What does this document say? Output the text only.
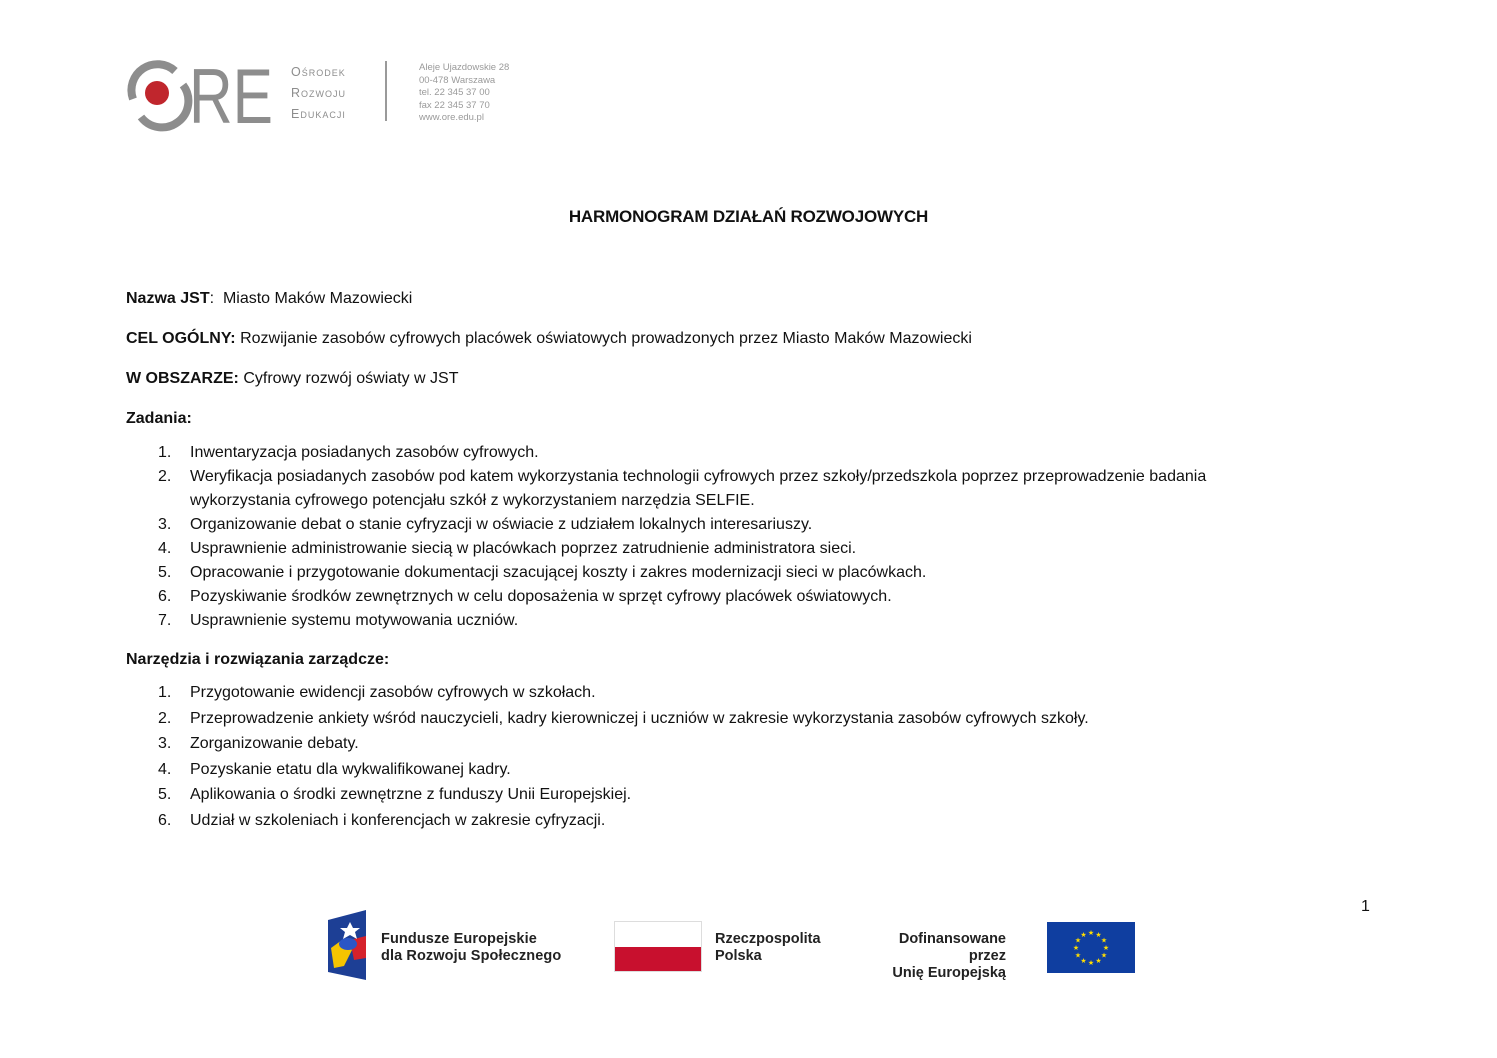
RE Ośrodek
Rozwoju
Edukacji
Aleje Ujazdowskie 28
00-478 Warszawa
tel. 22 345 37 00
fax 22 345 37 70
www.ore.edu.pl
HARMONOGRAM DZIAŁAŃ ROZWOJOWYCH
Nazwa JST: Miasto Maków Mazowiecki
CEL OGÓLNY: Rozwijanie zasobów cyfrowych placówek oświatowych prowadzonych przez Miasto Maków Mazowiecki
W OBSZARZE: Cyfrowy rozwój oświaty w JST
Zadania:
1. Inwentaryzacja posiadanych zasobów cyfrowych.
2. Weryfikacja posiadanych zasobów pod katem wykorzystania technologii cyfrowych przez szkoły/przedszkola poprzez przeprowadzenie badania
wykorzystania cyfrowego potencjału szkół z wykorzystaniem narzędzia SELFIE.
3. Organizowanie debat o stanie cyfryzacji w oświacie z udziałem lokalnych interesariuszy.
4. Usprawnienie administrowanie siecią w placówkach poprzez zatrudnienie administratora sieci.
5. Opracowanie i przygotowanie dokumentacji szacującej koszty i zakres modernizacji sieci w placówkach.
6. Pozyskiwanie środków zewnętrznych w celu doposażenia w sprzęt cyfrowy placówek oświatowych.
7. Usprawnienie systemu motywowania uczniów.
Narzędzia i rozwiązania zarządcze:
1. Przygotowanie ewidencji zasobów cyfrowych w szkołach.
2. Przeprowadzenie ankiety wśród nauczycieli, kadry kierowniczej i uczniów w zakresie wykorzystania zasobów cyfrowych szkoły.
3. Zorganizowanie debaty.
4. Pozyskanie etatu dla wykwalifikowanej kadry.
5. Aplikowania o środki zewnętrzne z funduszy Unii Europejskiej.
6. Udział w szkoleniach i konferencjach w zakresie cyfryzacji.
1
Fundusze Europejskie
dla Rozwoju Społecznego
Rzeczpospolita
Polska
Dofinansowane przez
Unię Europejską
★ ★
★
★
★
★
★
★
★
★
★
★
